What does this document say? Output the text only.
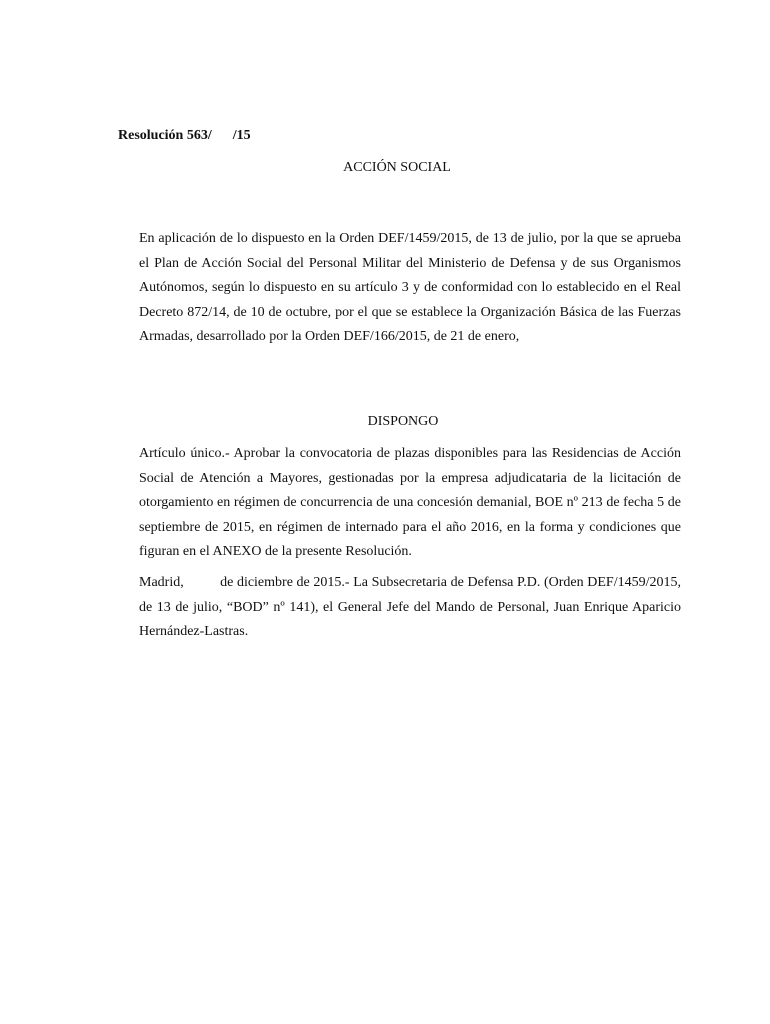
Resolución 563/      /15

ACCIÓN SOCIAL

En aplicación de lo dispuesto en la Orden DEF/1459/2015, de 13 de julio, por la que se aprueba el Plan de Acción Social del Personal Militar del Ministerio de Defensa y de sus Organismos Autónomos, según lo dispuesto en su artículo 3 y de conformidad con lo establecido en el Real Decreto 872/14, de 10 de octubre, por el que se establece la Organización Básica de las Fuerzas Armadas, desarrollado por la Orden DEF/166/2015, de 21 de enero,

DISPONGO

Artículo único.- Aprobar la convocatoria de plazas disponibles para las Residencias de Acción Social de Atención a Mayores, gestionadas por la empresa adjudicataria de la licitación de otorgamiento en régimen de concurrencia de una concesión demanial, BOE nº 213 de fecha 5 de septiembre de 2015, en régimen de internado para el año 2016, en la forma y condiciones que figuran en el ANEXO de la presente Resolución.

Madrid,          de diciembre de 2015.- La Subsecretaria de Defensa P.D. (Orden DEF/1459/2015, de 13 de julio, “BOD” nº 141), el General Jefe del Mando de Personal, Juan Enrique Aparicio Hernández-Lastras.
